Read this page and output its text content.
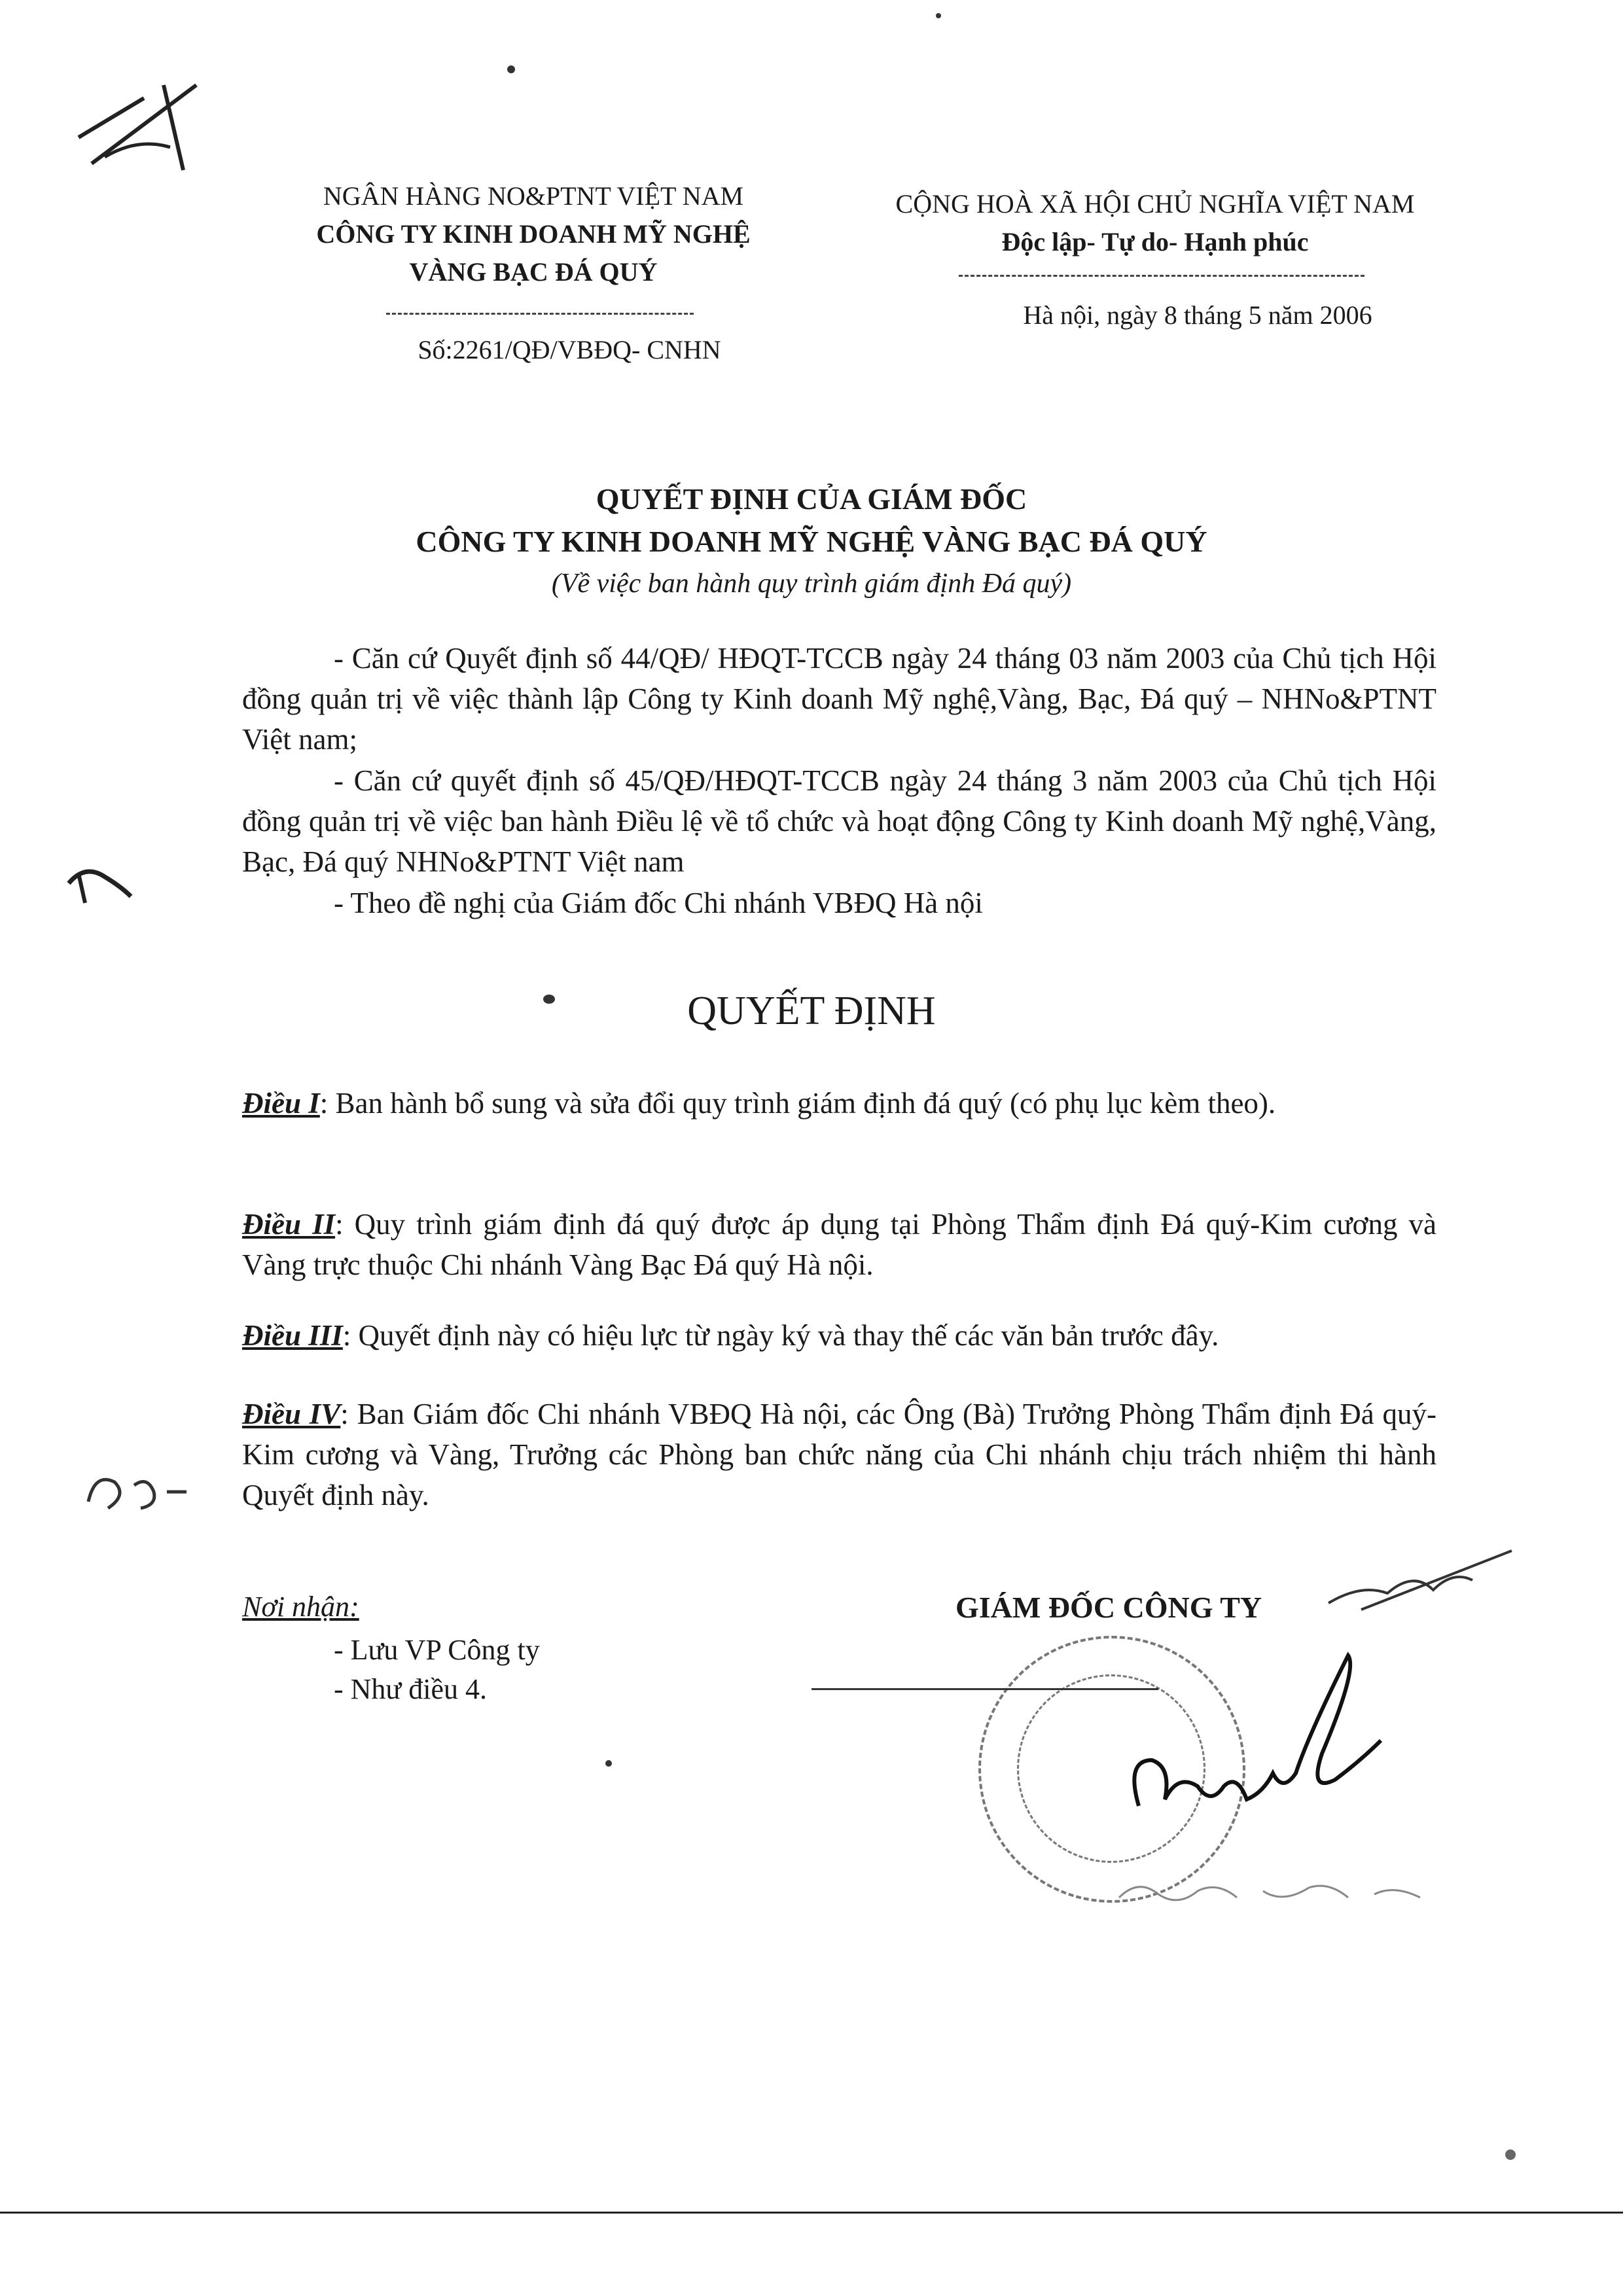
NGÂN HÀNG NO&PTNT VIỆT NAM
CÔNG TY KINH DOANH MỸ NGHỆ
VÀNG BẠC ĐÁ QUÝ
Số:2261/QĐ/VBĐQ- CNHN
CỘNG HOÀ XÃ HỘI CHỦ NGHĨA VIỆT NAM
Độc lập- Tự do- Hạnh phúc
Hà nội, ngày 8 tháng 5 năm 2006
QUYẾT ĐỊNH CỦA GIÁM ĐỐC
CÔNG TY KINH DOANH MỸ NGHỆ VÀNG BẠC ĐÁ QUÝ
(Về việc ban hành quy trình giám định Đá quý)
- Căn cứ Quyết định số 44/QĐ/ HĐQT-TCCB ngày 24 tháng 03 năm 2003 của Chủ tịch Hội đồng quản trị về việc thành lập Công ty Kinh doanh Mỹ nghệ,Vàng, Bạc, Đá quý – NHNo&PTNT Việt nam;
- Căn cứ quyết định số 45/QĐ/HĐQT-TCCB ngày 24 tháng 3 năm 2003 của Chủ tịch Hội đồng quản trị về việc ban hành Điều lệ về tổ chức và hoạt động Công ty Kinh doanh Mỹ nghệ,Vàng, Bạc, Đá quý NHNo&PTNT Việt nam
- Theo đề nghị của Giám đốc Chi nhánh VBĐQ Hà nội
QUYẾT ĐỊNH
Điều I: Ban hành bổ sung và sửa đổi quy trình giám định đá quý (có phụ lục kèm theo).
Điều II: Quy trình giám định đá quý được áp dụng tại Phòng Thẩm định Đá quý-Kim cương và Vàng trực thuộc Chi nhánh Vàng Bạc Đá quý Hà nội.
Điều III: Quyết định này có hiệu lực từ ngày ký và thay thế các văn bản trước đây.
Điều IV: Ban Giám đốc Chi nhánh VBĐQ Hà nội, các Ông (Bà) Trưởng Phòng Thẩm định Đá quý-Kim cương và Vàng, Trưởng các Phòng ban chức năng của Chi nhánh chịu trách nhiệm thi hành Quyết định này.
Nơi nhận:
- Lưu VP Công ty
- Như điều 4.
GIÁM ĐỐC CÔNG TY
